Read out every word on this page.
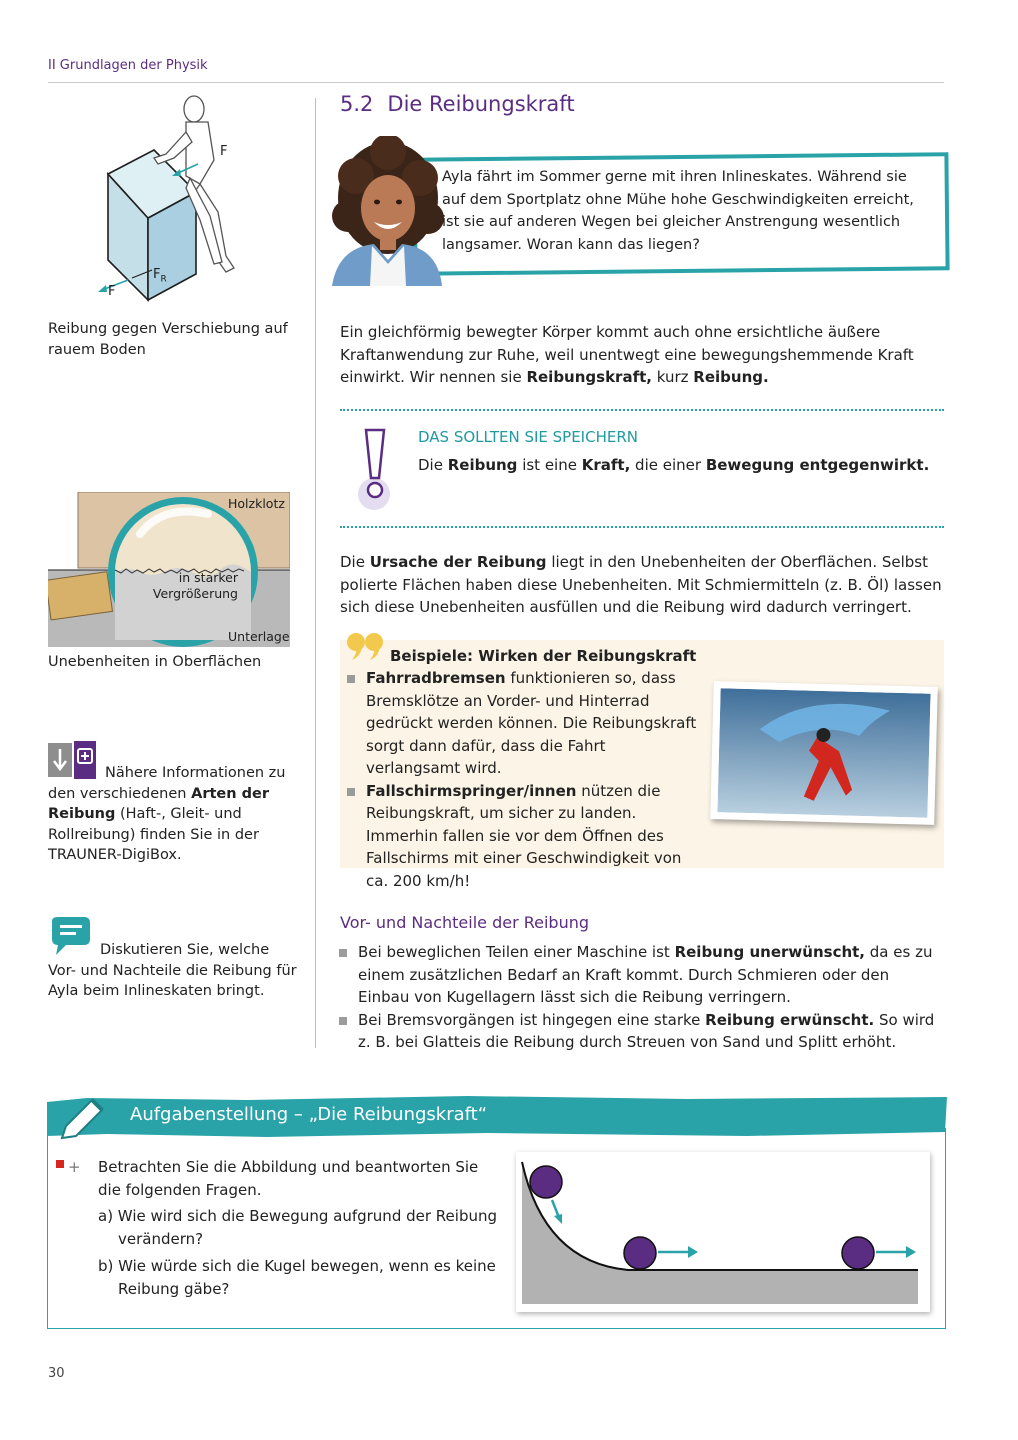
II Grundlagen der Physik
F
F
$F_R$
Reibung gegen Verschiebung auf rauem Boden
Holzklotz
in starker
Vergrößerung
Unterlage
Unebenheiten in Oberflächen
Nähere Informationen zu den verschiedenen Arten der Reibung (Haft-, Gleit- und Rollreibung) finden Sie in der TRAUNER-DigiBox.
Diskutieren Sie, welche Vor- und Nachteile die Reibung für Ayla beim Inlineskaten bringt.
5.2 Die Reibungskraft
Ayla fährt im Sommer gerne mit ihren Inlineskates. Während sie auf dem Sportplatz ohne Mühe hohe Geschwindigkeiten erreicht, ist sie auf anderen Wegen bei gleicher Anstrengung wesentlich langsamer. Woran kann das liegen?
Ein gleichförmig bewegter Körper kommt auch ohne ersichtliche äußere Kraftanwendung zur Ruhe, weil unentwegt eine bewegungshemmende Kraft einwirkt. Wir nennen sie Reibungskraft, kurz Reibung.
DAS SOLLTEN SIE SPEICHERN
Die Reibung ist eine Kraft, die einer Bewegung entgegenwirkt.
Die Ursache der Reibung liegt in den Unebenheiten der Oberflächen. Selbst polierte Flächen haben diese Unebenheiten. Mit Schmiermitteln (z. B. Öl) lassen sich diese Unebenheiten ausfüllen und die Reibung wird dadurch verringert.
Beispiele: Wirken der Reibungskraft
Fahrradbremsen funktionieren so, dass Bremsklötze an Vorder- und Hinterrad gedrückt werden können. Die Reibungskraft sorgt dann dafür, dass die Fahrt verlangsamt wird.
Fallschirmspringer/innen nützen die Reibungskraft, um sicher zu landen. Immerhin fallen sie vor dem Öffnen des Fallschirms mit einer Geschwindigkeit von ca. 200 km/h!
Vor- und Nachteile der Reibung
Bei beweglichen Teilen einer Maschine ist Reibung unerwünscht, da es zu einem zusätzlichen Bedarf an Kraft kommt. Durch Schmieren oder den Einbau von Kugellagern lässt sich die Reibung verringern.
Bei Bremsvorgängen ist hingegen eine starke Reibung erwünscht. So wird z. B. bei Glatteis die Reibung durch Streuen von Sand und Splitt erhöht.
Aufgabenstellung – „Die Reibungskraft“
+ Betrachten Sie die Abbildung und beantworten Sie die folgenden Fragen.
a) Wie wird sich die Bewegung aufgrund der Reibung verändern?
b) Wie würde sich die Kugel bewegen, wenn es keine Reibung gäbe?
30
